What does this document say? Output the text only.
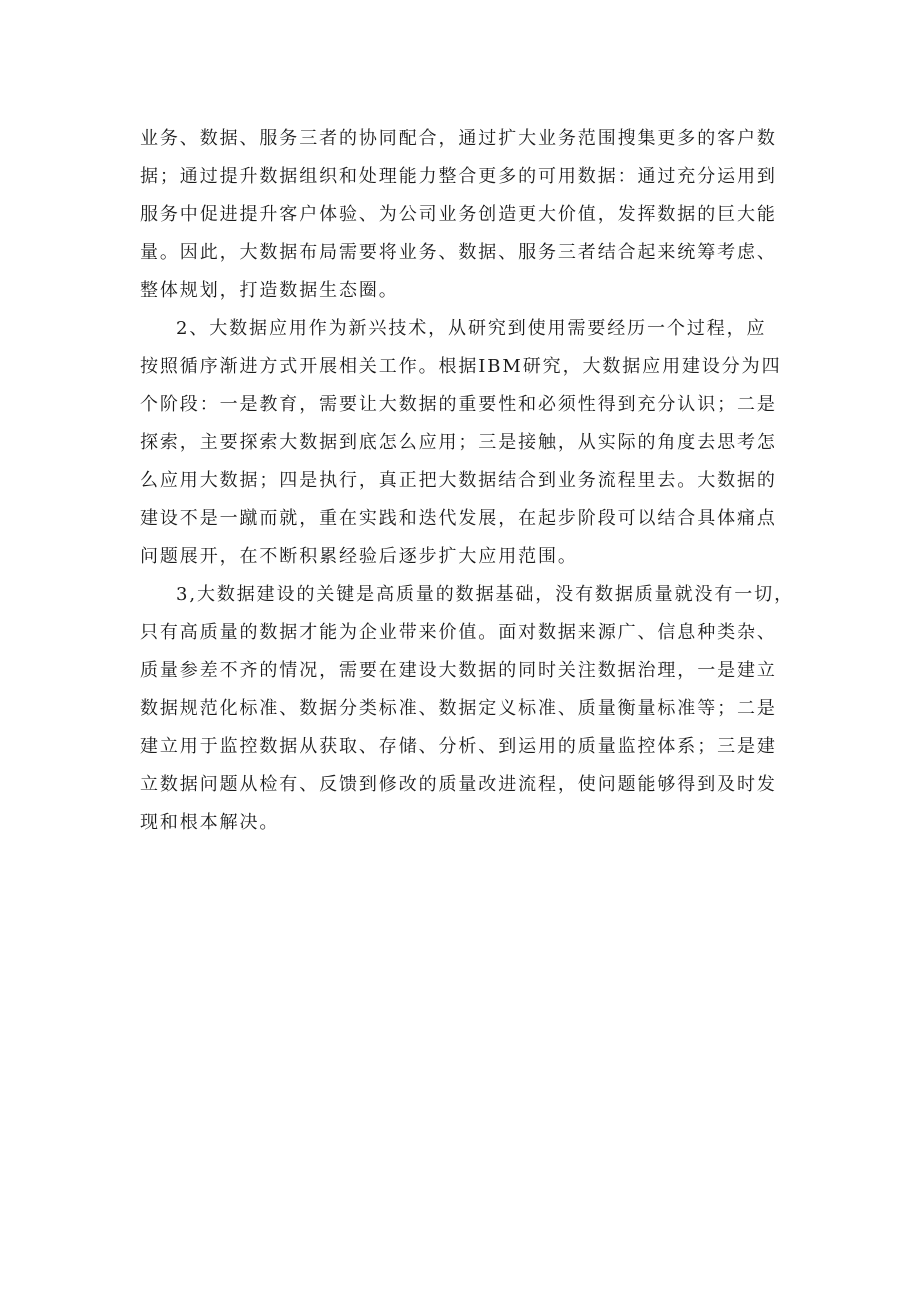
业务、数据、服务三者的协同配合，通过扩大业务范围搜集更多的客户数
据；通过提升数据组织和处理能力整合更多的可用数据：通过充分运用到
服务中促进提升客户体验、为公司业务创造更大价值，发挥数据的巨大能
量。因此，大数据布局需要将业务、数据、服务三者结合起来统筹考虑、
整体规划，打造数据生态圈。
2、大数据应用作为新兴技术，从研究到使用需要经历一个过程，应
按照循序渐进方式开展相关工作。根据IBM研究，大数据应用建设分为四
个阶段：一是教育，需要让大数据的重要性和必须性得到充分认识；二是
探索，主要探索大数据到底怎么应用；三是接触，从实际的角度去思考怎
么应用大数据；四是执行，真正把大数据结合到业务流程里去。大数据的
建设不是一蹴而就，重在实践和迭代发展，在起步阶段可以结合具体痛点
问题展开，在不断积累经验后逐步扩大应用范围。
3,大数据建设的关键是高质量的数据基础，没有数据质量就没有一切，
只有高质量的数据才能为企业带来价值。面对数据来源广、信息种类杂、
质量参差不齐的情况，需要在建设大数据的同时关注数据治理，一是建立
数据规范化标准、数据分类标准、数据定义标准、质量衡量标准等；二是
建立用于监控数据从获取、存储、分析、到运用的质量监控体系；三是建
立数据问题从检有、反馈到修改的质量改进流程，使问题能够得到及时发
现和根本解决。
